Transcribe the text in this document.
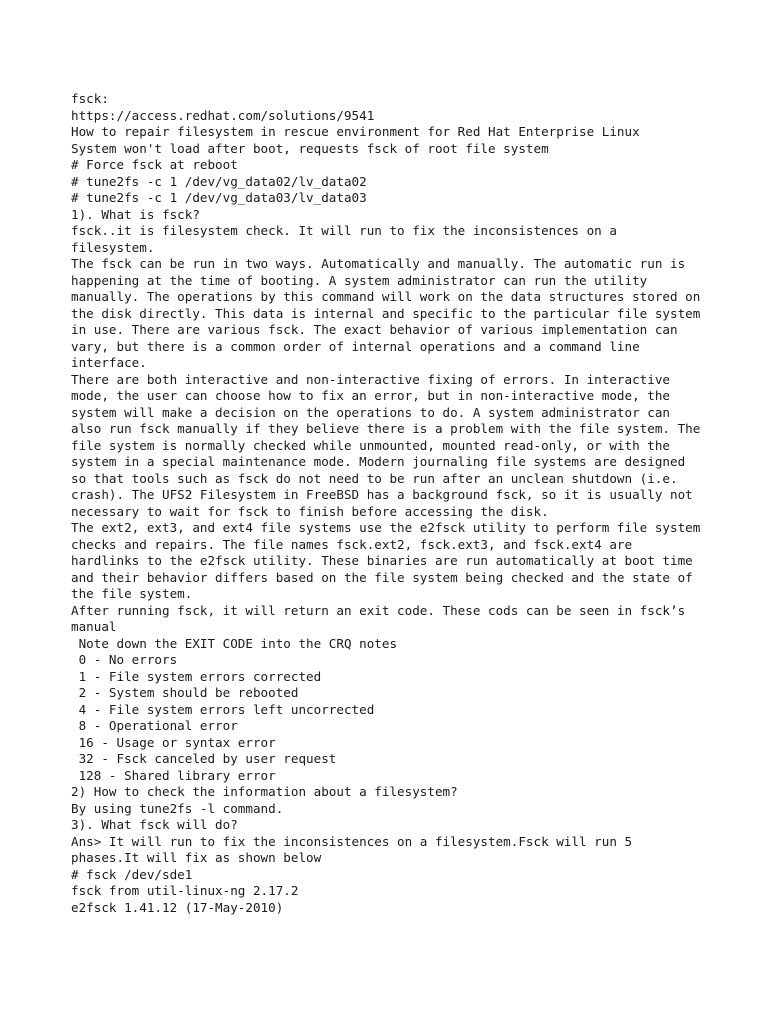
fsck:
https://access.redhat.com/solutions/9541
How to repair filesystem in rescue environment for Red Hat Enterprise Linux
System won't load after boot, requests fsck of root file system
# Force fsck at reboot
# tune2fs -c 1 /dev/vg_data02/lv_data02
# tune2fs -c 1 /dev/vg_data03/lv_data03
1). What is fsck?
fsck..it is filesystem check. It will run to fix the inconsistences on a
filesystem.
The fsck can be run in two ways. Automatically and manually. The automatic run is
happening at the time of booting. A system administrator can run the utility
manually. The operations by this command will work on the data structures stored on
the disk directly. This data is internal and specific to the particular file system
in use. There are various fsck. The exact behavior of various implementation can
vary, but there is a common order of internal operations and a command line
interface.
There are both interactive and non-interactive fixing of errors. In interactive
mode, the user can choose how to fix an error, but in non-interactive mode, the
system will make a decision on the operations to do. A system administrator can
also run fsck manually if they believe there is a problem with the file system. The
file system is normally checked while unmounted, mounted read-only, or with the
system in a special maintenance mode. Modern journaling file systems are designed
so that tools such as fsck do not need to be run after an unclean shutdown (i.e.
crash). The UFS2 Filesystem in FreeBSD has a background fsck, so it is usually not
necessary to wait for fsck to finish before accessing the disk.
The ext2, ext3, and ext4 file systems use the e2fsck utility to perform file system
checks and repairs. The file names fsck.ext2, fsck.ext3, and fsck.ext4 are
hardlinks to the e2fsck utility. These binaries are run automatically at boot time
and their behavior differs based on the file system being checked and the state of
the file system.
After running fsck, it will return an exit code. These cods can be seen in fsck’s
manual
Note down the EXIT CODE into the CRQ notes
0 - No errors
1 - File system errors corrected
2 - System should be rebooted
4 - File system errors left uncorrected
8 - Operational error
16 - Usage or syntax error
32 - Fsck canceled by user request
128 - Shared library error
2) How to check the information about a filesystem?
By using tune2fs -l command.
3). What fsck will do?
Ans> It will run to fix the inconsistences on a filesystem.Fsck will run 5
phases.It will fix as shown below
# fsck /dev/sde1
fsck from util-linux-ng 2.17.2
e2fsck 1.41.12 (17-May-2010)
